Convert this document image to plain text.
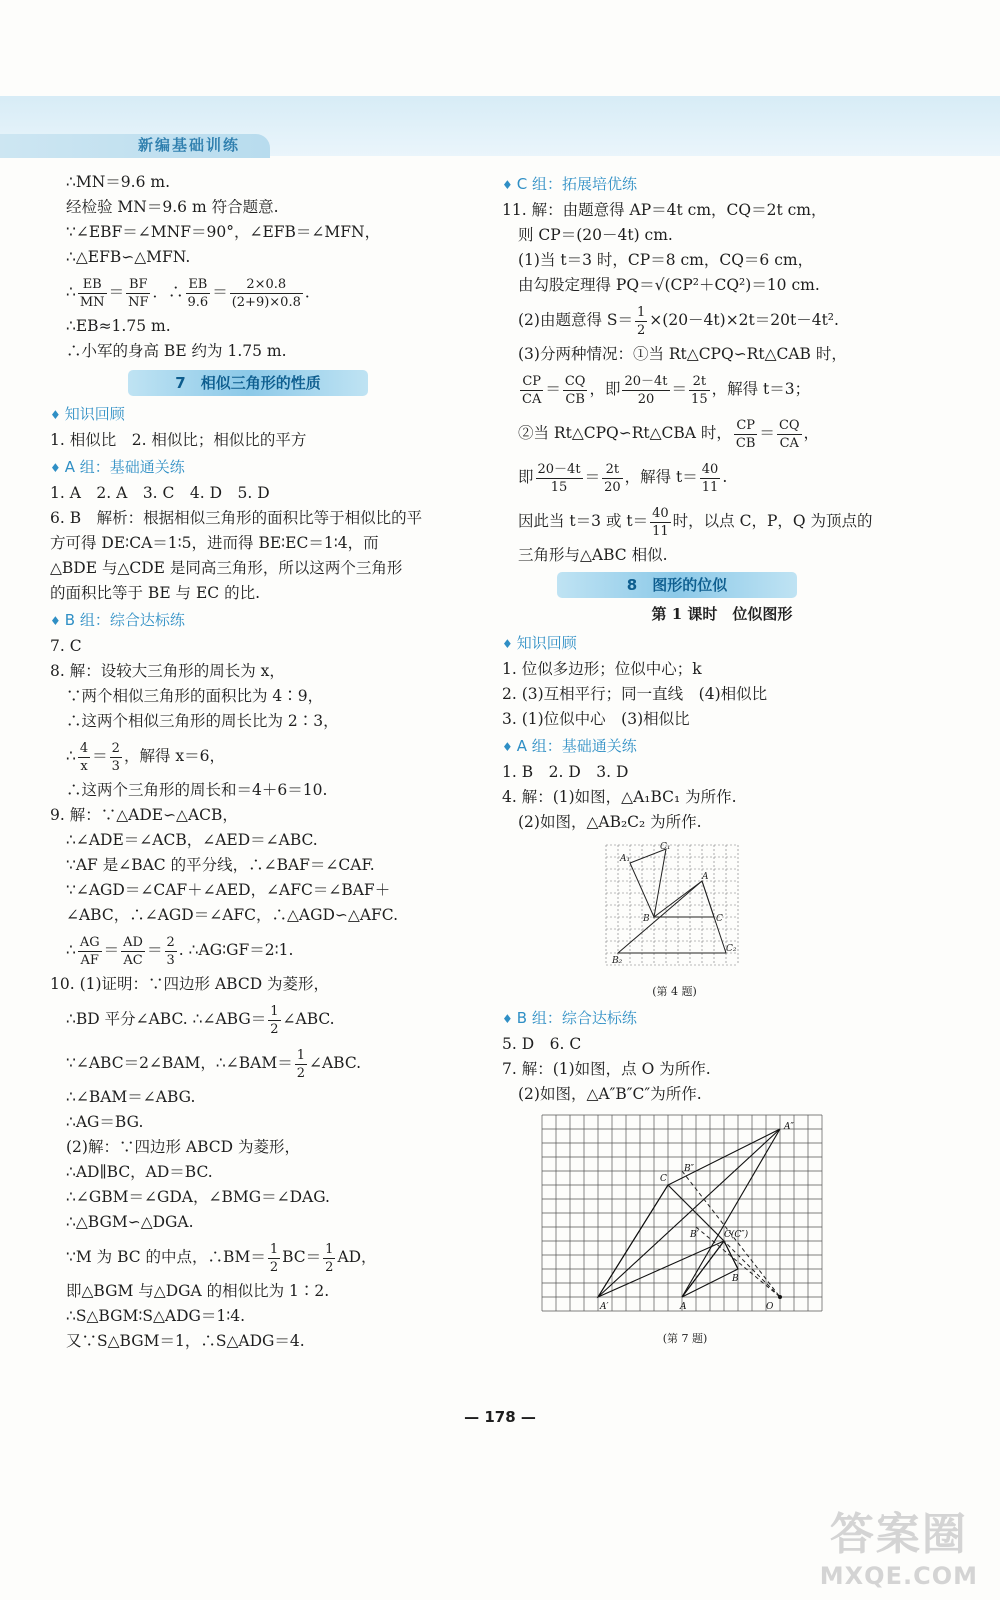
新编基础训练
∴MN＝9.6 m.
经检验 MN＝9.6 m 符合题意.
∵∠EBF＝∠MNF＝90°，∠EFB＝∠MFN，
∴△EFB∽△MFN.
∴ $\frac{EB}{MN} = \frac{BF}{NF}$ ．∴ $\frac{EB}{9.6} = \frac{2\times 0.8}{(2+9)\times 0.8}$ ．
∴EB≈1.75 m.
∴小军的身高 BE 约为 1.75 m.
7　相似三角形的性质
♦ 知识回顾
1. 相似比　2. 相似比；相似比的平方
♦ A 组：基础通关练
1. A　2. A　3. C　4. D　5. D
6. B　解析：根据相似三角形的面积比等于相似比的平
方可得 DE∶CA＝1∶5，进而得 BE∶EC＝1∶4，而
△BDE 与△CDE 是同高三角形，所以这两个三角形
的面积比等于 BE 与 EC 的比.
♦ B 组：综合达标练
7. C
8. 解：设较大三角形的周长为 x，
∵两个相似三角形的面积比为 4∶9，
∴这两个相似三角形的周长比为 2∶3，
∴ $\frac{4}{x} = \frac{2}{3}$ ，解得 x＝6，
∴这两个三角形的周长和＝4＋6＝10.
9. 解：∵△ADE∽△ACB，
∴∠ADE＝∠ACB，∠AED＝∠ABC.
∵AF 是∠BAC 的平分线，∴∠BAF＝∠CAF.
∵∠AGD＝∠CAF＋∠AED，∠AFC＝∠BAF＋
∠ABC，∴∠AGD＝∠AFC，∴△AGD∽△AFC.
∴ $\frac{AG}{AF} = \frac{AD}{AC} = \frac{2}{3}$ . ∴AG∶GF＝2∶1.
10. (1)证明：∵四边形 ABCD 为菱形，
∴BD 平分∠ABC. ∴∠ABG＝ $\frac{1}{2}$ ∠ABC.
∵∠ABC＝2∠BAM，∴∠BAM＝ $\frac{1}{2}$ ∠ABC.
∴∠BAM＝∠ABG.
∴AG＝BG.
(2)解：∵四边形 ABCD 为菱形，
∴AD∥BC，AD＝BC.
∴∠GBM＝∠GDA，∠BMG＝∠DAG.
∴△BGM∽△DGA.
∵M 为 BC 的中点，∴BM＝ $\frac{1}{2} BC= \frac{1}{2}$ AD，
即△BGM 与△DGA 的相似比为 1∶2.
∴S△BGM∶S△ADG＝1∶4.
又∵S△BGM＝1，∴S△ADG＝4.
♦ C 组：拓展培优练
11. 解：由题意得 AP＝4t cm，CQ＝2t cm，
则 CP＝(20－4t) cm.
(1)当 t＝3 时，CP＝8 cm，CQ＝6 cm，
由勾股定理得 PQ＝√(CP²＋CQ²)＝10 cm.
(2)由题意得 $S= \frac{1}{2} \times(20-4t)\times 2t=20t-4t^2$.
(3)分两种情况：①当 Rt△CPQ∽Rt△CAB 时，
$\frac{CP}{CA} = \frac{CQ}{CB}$ ，即 $\frac{20-4t}{20} = \frac{2t}{15}$ ，解得 t＝3；
②当 Rt△CPQ∽Rt△CBA 时， $\frac{CP}{CB} = \frac{CQ}{CA}$ ，
即 $\frac{20-4t}{15} = \frac{2t}{20}$ ，解得 $t= \frac{40}{11}$ .
因此当 t＝3 或 $t= \frac{40}{11}$ 时，以点 C，P，Q 为顶点的
三角形与△ABC 相似.
8　图形的位似
第 1 课时　位似图形
♦ 知识回顾
1. 位似多边形；位似中心；k
2. (3)互相平行；同一直线　(4)相似比
3. (1)位似中心　(3)相似比
♦ A 组：基础通关练
1. B　2. D　3. D
4. 解：(1)如图，△A₁BC₁ 为所作.
(2)如图，△AB₂C₂ 为所作.
A₁
C₁
A
B	C
B₂
C₂
(第 4 题)
♦ B 组：综合达标练
5. D　6. C
7. 解：(1)如图，点 O 为所作.
(2)如图，△A″B″C″为所作.
A″
B″
C
B′	C(C″)
B
A′	A	O
(第 7 题)
— 178 —
答案圈
MXQE.COM
